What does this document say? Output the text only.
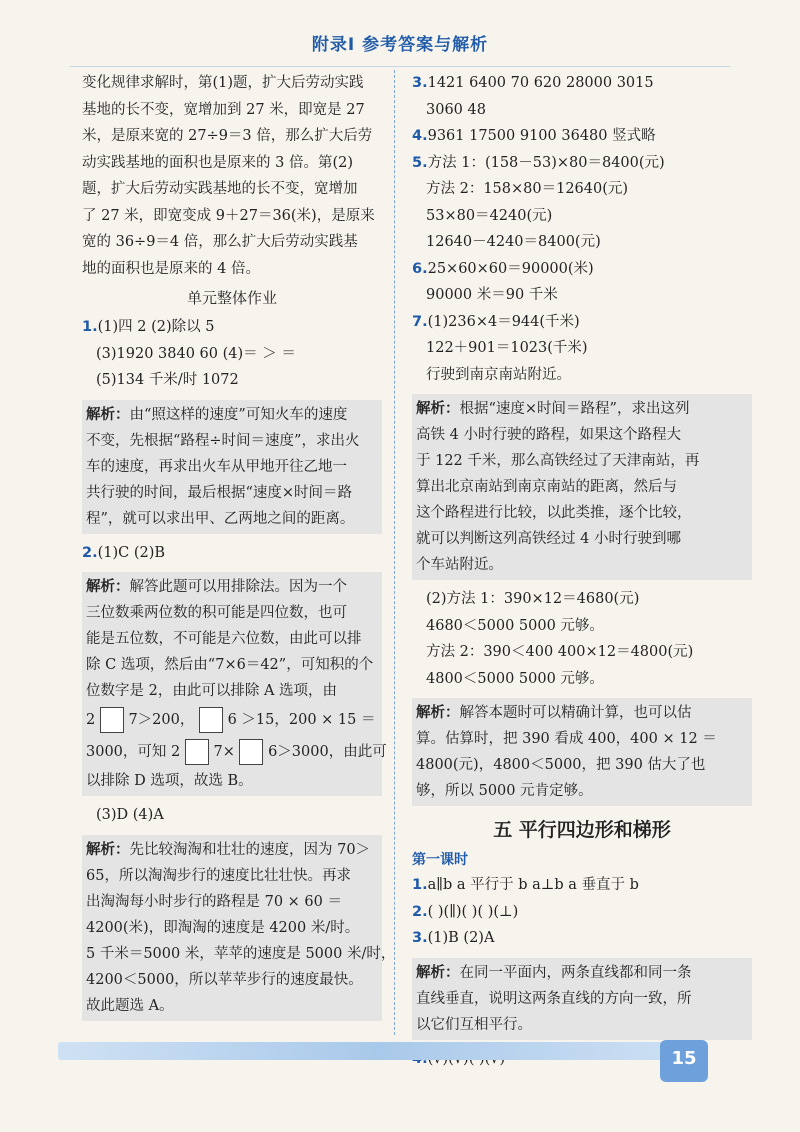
附录Ⅰ 参考答案与解析
变化规律求解时，第(1)题，扩大后劳动实践
基地的长不变，宽增加到 27 米，即宽是 27
米，是原来宽的 27÷9＝3 倍，那么扩大后劳
动实践基地的面积也是原来的 3 倍。第(2)
题，扩大后劳动实践基地的长不变，宽增加
了 27 米，即宽变成 9＋27＝36(米)，是原来
宽的 36÷9＝4 倍，那么扩大后劳动实践基
地的面积也是原来的 4 倍。
单元整体作业
1.(1)四 2 (2)除以 5
(3)1920 3840 60 (4)＝ ＞ ＝
(5)134 千米/时 1072
解析：由“照这样的速度”可知火车的速度
不变，先根据“路程÷时间＝速度”，求出火
车的速度，再求出火车从甲地开往乙地一
共行驶的时间，最后根据“速度×时间＝路
程”，就可以求出甲、乙两地之间的距离。
2.(1)C (2)B
解析：解答此题可以用排除法。因为一个
三位数乘两位数的积可能是四位数，也可
能是五位数，不可能是六位数，由此可以排
除 C 选项，然后由“7×6＝42”，可知积的个
位数字是 2，由此可以排除 A 选项，由
2 7＞200， 6 ＞15，200 × 15 ＝
3000，可知 2 7× 6＞3000，由此可
以排除 D 选项，故选 B。
(3)D (4)A
解析：先比较淘淘和壮壮的速度，因为 70＞
65，所以淘淘步行的速度比壮壮快。再求
出淘淘每小时步行的路程是 70 × 60 ＝
4200(米)，即淘淘的速度是 4200 米/时。
5 千米＝5000 米，苹苹的速度是 5000 米/时，
4200＜5000，所以苹苹步行的速度最快。
故此题选 A。
3.1421 6400 70 620 28000 3015
3060 48
4.9361 17500 9100 36480 竖式略
5.方法 1：(158－53)×80＝8400(元)
方法 2：158×80＝12640(元)
53×80＝4240(元)
12640－4240＝8400(元)
6.25×60×60＝90000(米)
90000 米＝90 千米
7.(1)236×4＝944(千米)
122＋901＝1023(千米)
行驶到南京南站附近。
解析：根据“速度×时间＝路程”，求出这列
高铁 4 小时行驶的路程，如果这个路程大
于 122 千米，那么高铁经过了天津南站，再
算出北京南站到南京南站的距离，然后与
这个路程进行比较，以此类推，逐个比较，
就可以判断这列高铁经过 4 小时行驶到哪
个车站附近。
(2)方法 1：390×12＝4680(元)
4680＜5000 5000 元够。
方法 2：390＜400 400×12＝4800(元)
4800＜5000 5000 元够。
解析：解答本题时可以精确计算，也可以估
算。估算时，把 390 看成 400，400 × 12 ＝
4800(元)，4800＜5000，把 390 估大了也
够，所以 5000 元肯定够。
五 平行四边形和梯形
第一课时
1.a∥b a 平行于 b a⊥b a 垂直于 b
2.( )(∥)( )( )(⊥)
3.(1)B (2)A
解析：在同一平面内，两条直线都和同一条
直线垂直，说明这两条直线的方向一致，所
以它们互相平行。
15
